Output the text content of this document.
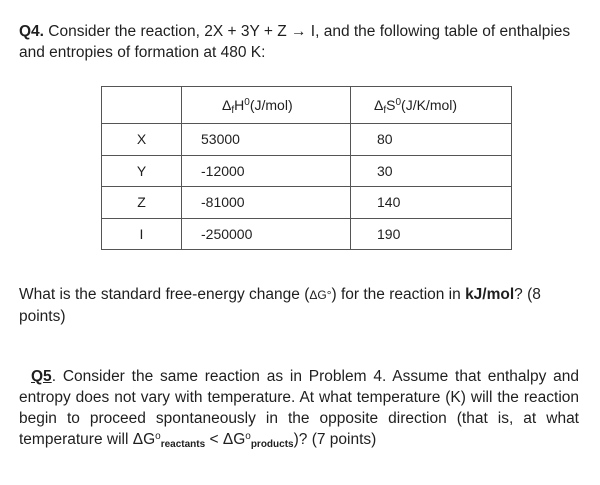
Q4. Consider the reaction, 2X + 3Y + Z → I, and the following table of enthalpies and entropies of formation at 480 K:
	$\Delta_fH^0(J/mol)$	$\Delta_fS^0(J/K/mol)$
X	53000	80
Y	-12000	30
Z	-81000	140
I	-250000	190
What is the standard free-energy change (ΔG°) for the reaction in kJ/mol? (8 points)
Q5. Consider the same reaction as in Problem 4. Assume that enthalpy and entropy does not vary with temperature. At what temperature (K) will the reaction begin to proceed spontaneously in the opposite direction (that is, at what temperature will $\Delta G^oreactants$ < $\Delta G^oproducts$)? (7 points)
